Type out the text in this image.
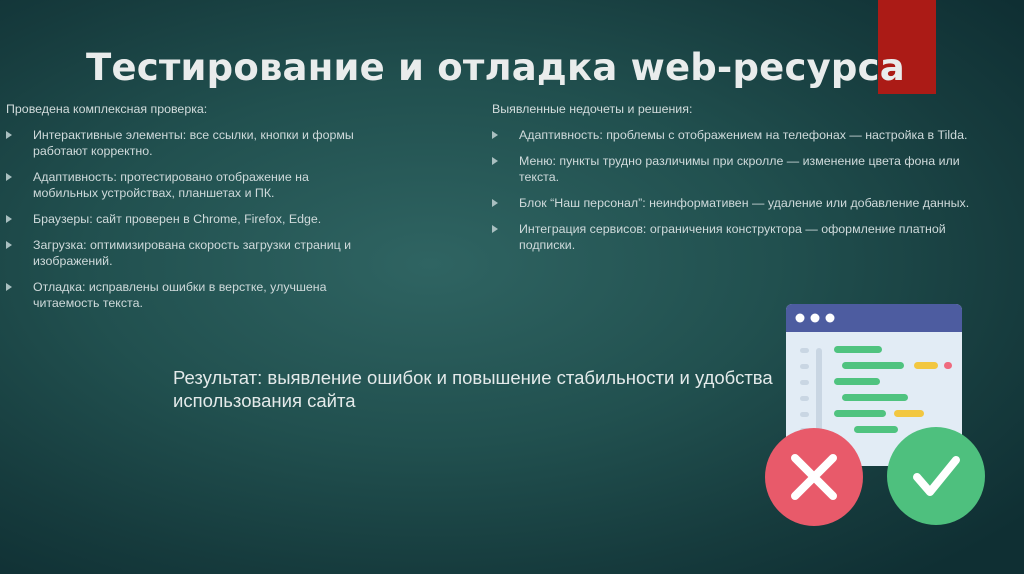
Тестирование и отладка web-ресурса

Проведена комплексная проверка:

Интерактивные элементы: все ссылки, кнопки и формы работают корректно.
Адаптивность: протестировано отображение на мобильных устройствах, планшетах и ПК.
Браузеры: сайт проверен в Chrome, Firefox, Edge.
Загрузка: оптимизирована скорость загрузки страниц и изображений.
Отладка: исправлены ошибки в верстке, улучшена читаемость текста.

Выявленные недочеты и решения:

Адаптивность: проблемы с отображением на телефонах — настройка в Tilda.
Меню: пункты трудно различимы при скролле — изменение цвета фона или текста.
Блок “Наш персонал”: неинформативен — удаление или добавление данных.
Интеграция сервисов: ограничения конструктора — оформление платной подписки.

Результат: выявление ошибок и повышение стабильности и удобства использования сайта
